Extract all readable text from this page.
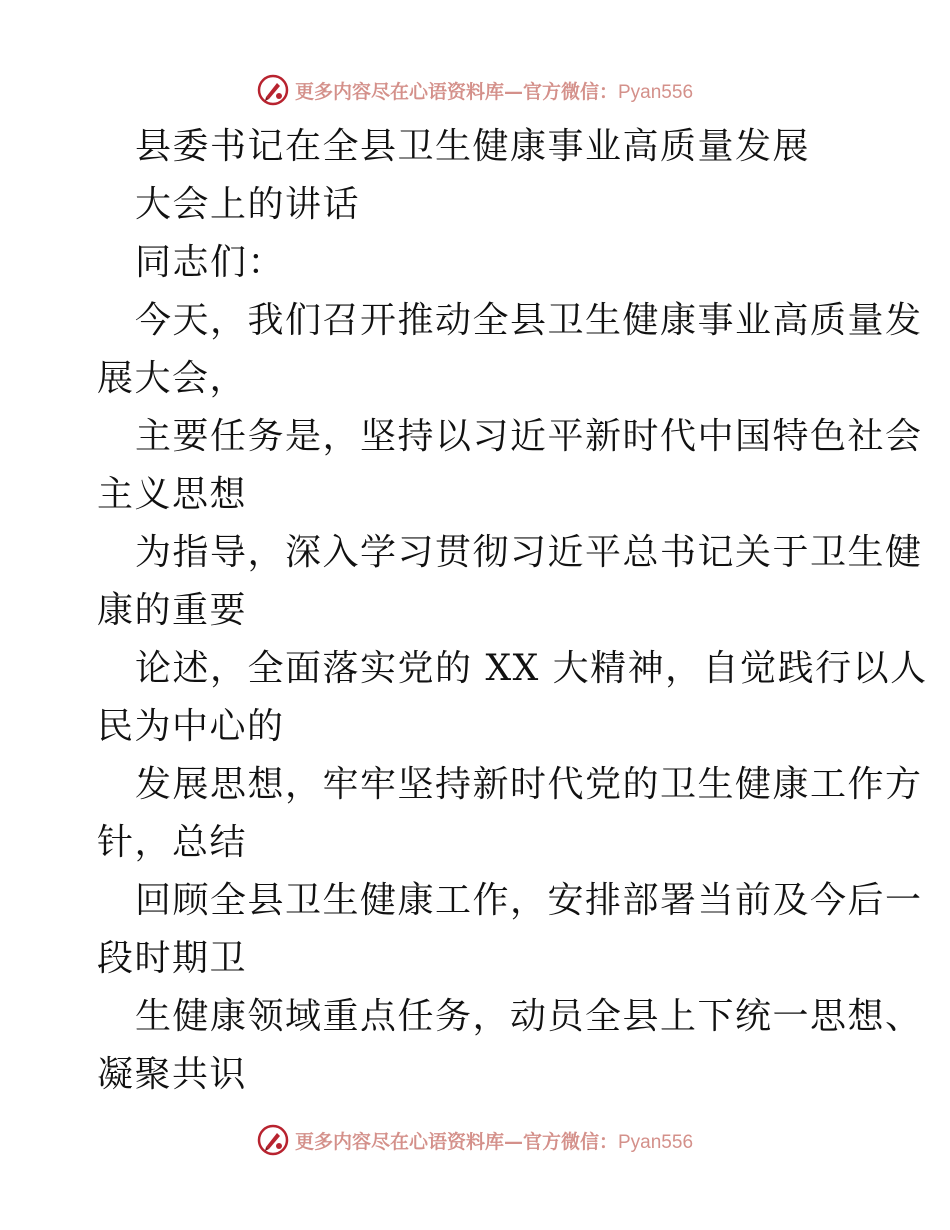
更多内容尽在心语资料库—官方微信：Pyan556
县委书记在全县卫生健康事业高质量发展
大会上的讲话
同志们：
今天，我们召开推动全县卫生健康事业高质量发
展大会，
主要任务是，坚持以习近平新时代中国特色社会
主义思想
为指导，深入学习贯彻习近平总书记关于卫生健
康的重要
论述，全面落实党的 XX 大精神，自觉践行以人
民为中心的
发展思想，牢牢坚持新时代党的卫生健康工作方
针，总结
回顾全县卫生健康工作，安排部署当前及今后一
段时期卫
生健康领域重点任务，动员全县上下统一思想、
凝聚共识
更多内容尽在心语资料库—官方微信：Pyan556
